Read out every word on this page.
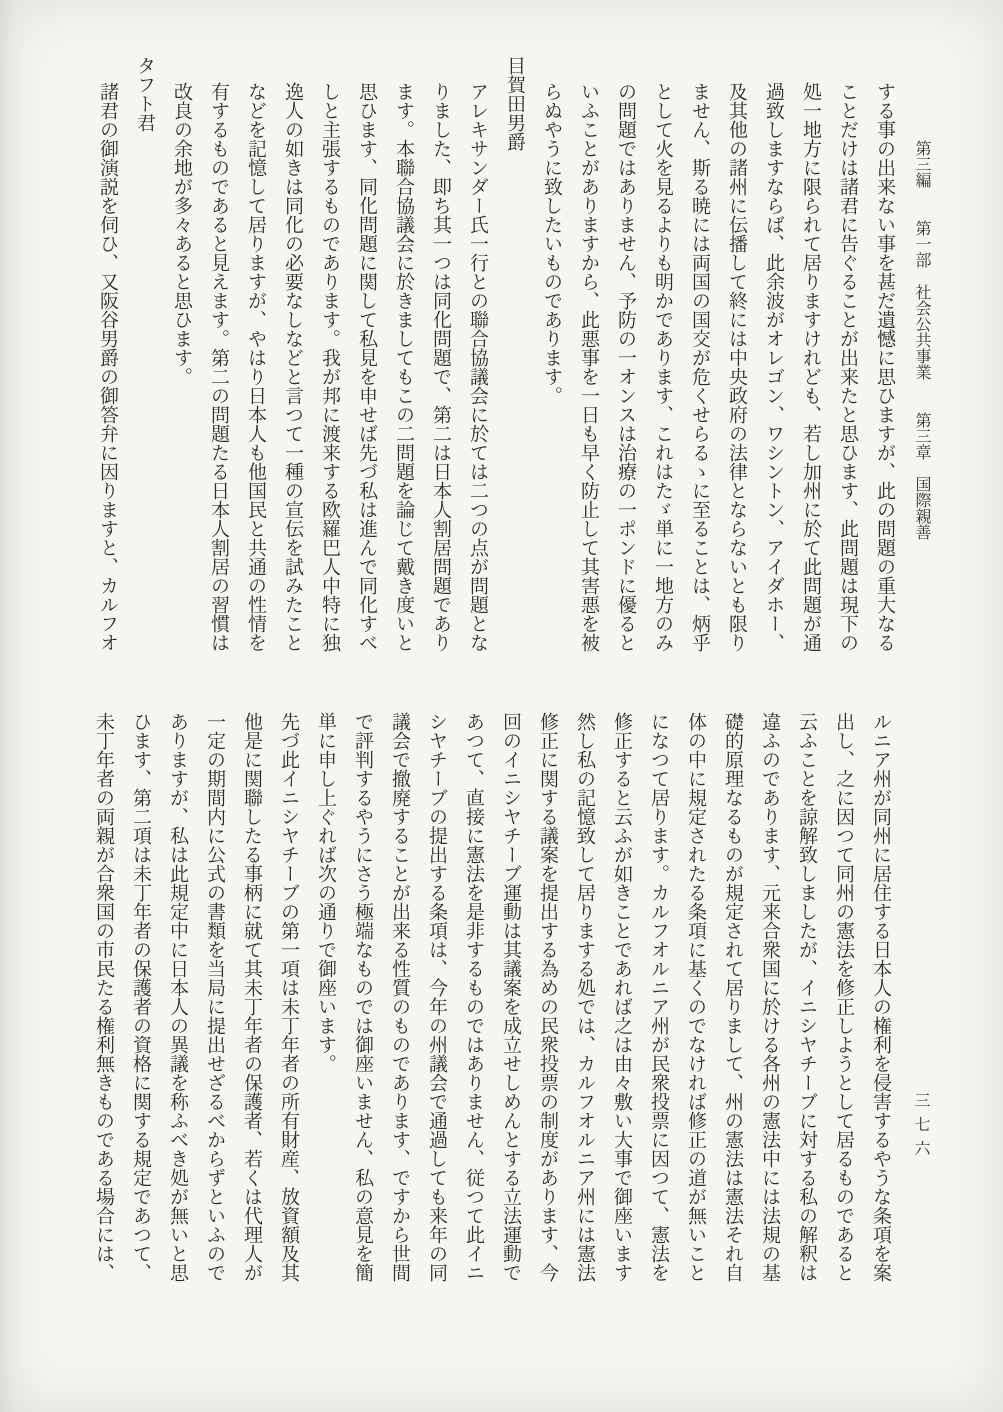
第三編　　第一部　社会公共事業　　第三章　国際親善

する事の出来ない事を甚だ遺憾に思ひますが、此の問題の重大なることだけは諸君に告ぐることが出来たと思ひます、此問題は現下の処一地方に限られて居りますけれども、若し加州に於て此問題が通過致しますならば、此余波がオレゴン、ワシントン、アイダホー、及其他の諸州に伝播して終には中央政府の法律とならないとも限りません、斯る暁には両国の国交が危くせらるゝに至ることは、炳乎として火を見るよりも明かであります、これはたゞ単に一地方のみの問題ではありません、予防の一オンスは治療の一ポンドに優るといふことがありますから、此悪事を一日も早く防止して其害悪を被らぬやうに致したいものであります。

目賀田男爵

アレキサンダー氏一行との聯合協議会に於ては二つの点が問題となりました、即ち其一つは同化問題で、第二は日本人割居問題であります。本聯合協議会に於きましてもこの二問題を論じて戴き度いと思ひます、同化問題に関して私見を申せば先づ私は進んで同化すべしと主張するものであります。我が邦に渡来する欧羅巴人中特に独逸人の如きは同化の必要なしなどと言つて一種の宣伝を試みたことなどを記憶して居りますが、やはり日本人も他国民と共通の性情を有するものであると見えます。第二の問題たる日本人割居の習慣は改良の余地が多々あると思ひます。

タフト君

諸君の御演説を伺ひ、又阪谷男爵の御答弁に因りますと、カルフオ

ルニア州が同州に居住する日本人の権利を侵害するやうな条項を案出し、之に因つて同州の憲法を修正しようとして居るものであると云ふことを諒解致しましたが、イニシヤチーブに対する私の解釈は違ふのであります、元来合衆国に於ける各州の憲法中には法規の基礎的原理なるものが規定されて居りまして、州の憲法は憲法それ自体の中に規定されたる条項に基くのでなければ修正の道が無いことになつて居ります。カルフオルニア州が民衆投票に因つて、憲法を修正すると云ふが如きことであれば之は由々敷い大事で御座います然し私の記憶致して居りまする処では、カルフオルニア州には憲法修正に関する議案を提出する為めの民衆投票の制度があります、今回のイニシヤチーブ運動は其議案を成立せしめんとする立法運動であつて、直接に憲法を是非するものではありません、従つて此イニシヤチーブの提出する条項は、今年の州議会で通過しても来年の同議会で撤廃することが出来る性質のものであります、ですから世間で評判するやうにさう極端なものでは御座いません、私の意見を簡単に申し上ぐれば次の通りで御座います。

先づ此イニシヤチーブの第一項は未丁年者の所有財産、放資額及其他是に関聯したる事柄に就て其未丁年者の保護者、若くは代理人が一定の期間内に公式の書類を当局に提出せざるべからずといふのでありますが、私は此規定中に日本人の異議を称ふべき処が無いと思ひます、第二項は未丁年者の保護者の資格に関する規定であつて、未丁年者の両親が合衆国の市民たる権利無きものである場合には、	三七六
